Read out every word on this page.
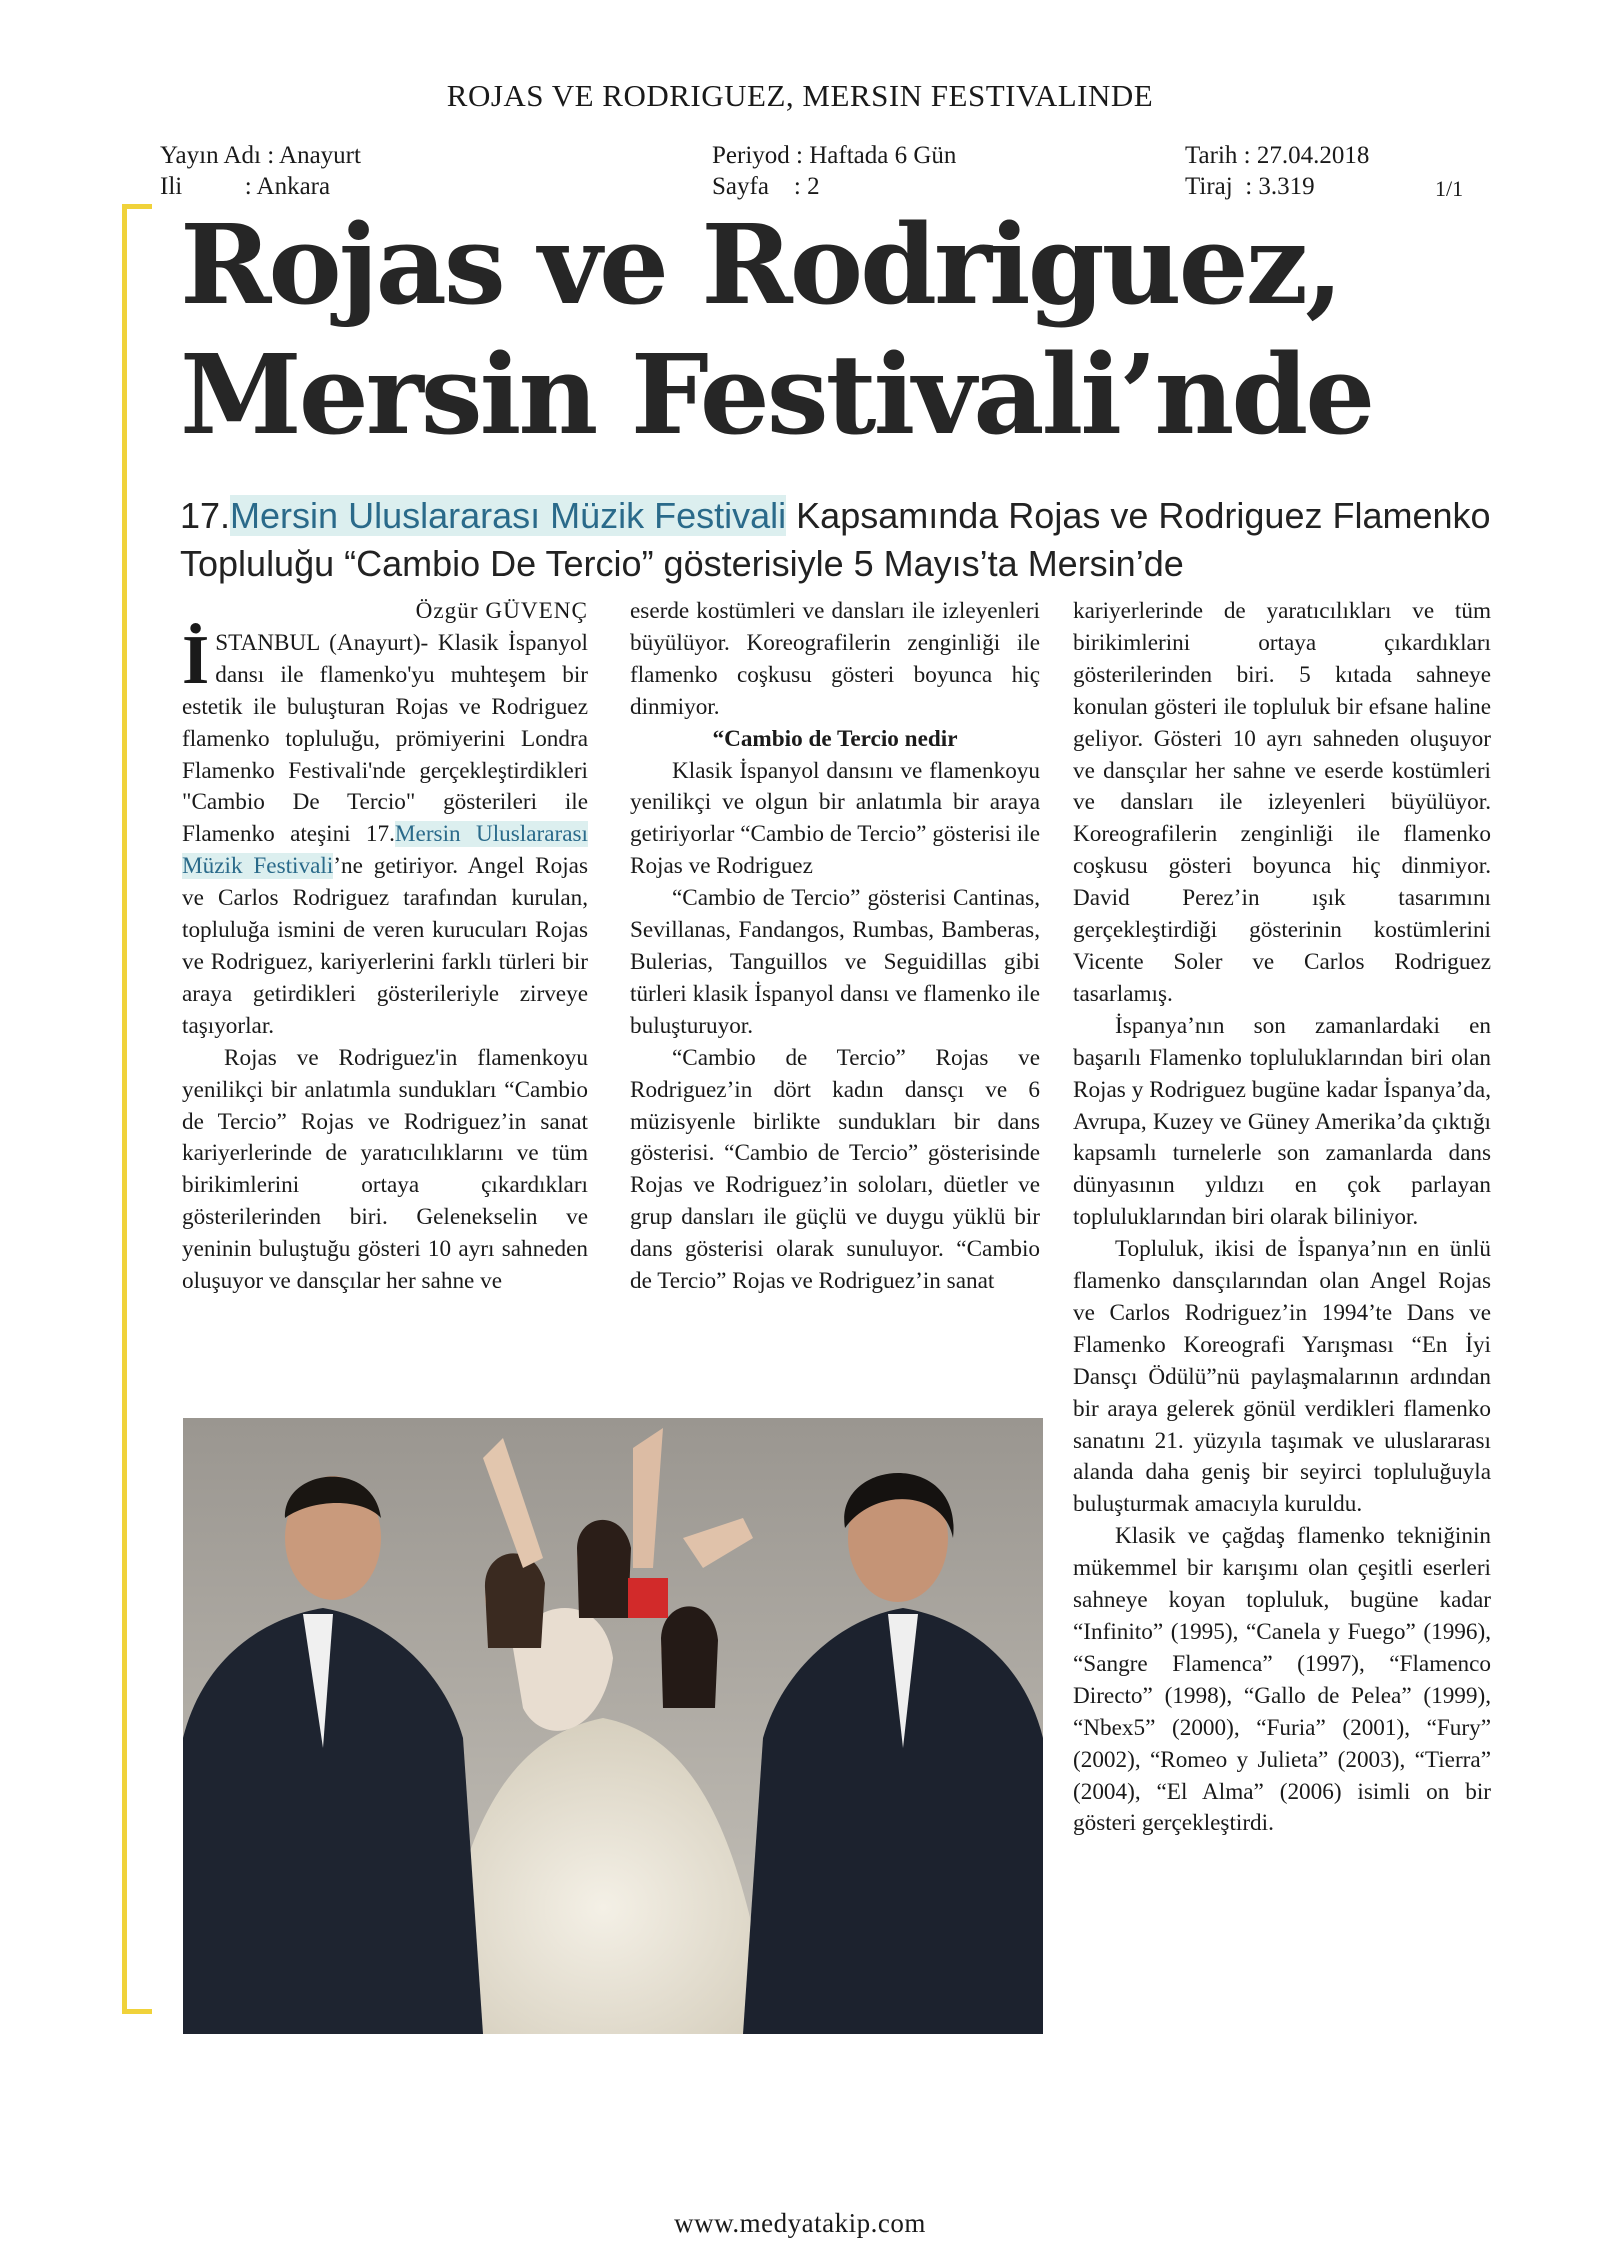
ROJAS VE RODRIGUEZ, MERSIN FESTIVALINDE
Yayın Adı : Anayurt
Ili          : Ankara
Periyod : Haftada 6 Gün
Sayfa    : 2
Tarih : 27.04.2018
Tiraj  : 3.319	1/1
Rojas ve Rodriguez,
Mersin Festivali’nde
17.Mersin Uluslararası Müzik Festivali Kapsamında Rojas ve Rodriguez Flamenko Topluluğu “Cambio De Tercio” gösterisiyle 5 Mayıs’ta Mersin’de

Özgür GÜVENÇ

İSTANBUL (Anayurt)- Klasik İspanyol dansı ile flamenko'yu muhteşem bir estetik ile buluşturan Rojas ve Rodriguez flamenko topluluğu, prömiyerini Londra Flamenko Festivali'nde gerçekleştirdikleri "Cambio De Tercio" gösterileri ile Flamenko ateşini 17.Mersin Uluslararası Müzik Festivali’ne getiriyor. Angel Rojas ve Carlos Rodriguez tarafından kurulan, topluluğa ismini de veren kurucuları Rojas ve Rodriguez, kariyerlerini farklı türleri bir araya getirdikleri gösterileriyle zirveye taşıyorlar.

Rojas ve Rodriguez'in flamenkoyu yenilikçi bir anlatımla sundukları “Cambio de Tercio” Rojas ve Rodriguez’in sanat kariyerlerinde de yaratıcılıklarını ve tüm birikimlerini ortaya çıkardıkları gösterilerinden biri. Gelenekselin ve yeninin buluştuğu gösteri 10 ayrı sahneden oluşuyor ve dansçılar her sahne ve

eserde kostümleri ve dansları ile izleyenleri büyülüyor. Koreografilerin zenginliği ile flamenko coşkusu gösteri boyunca hiç dinmiyor.

“Cambio de Tercio nedir

Klasik İspanyol dansını ve flamenkoyu yenilikçi ve olgun bir anlatımla bir araya getiriyorlar “Cambio de Tercio” gösterisi ile Rojas ve Rodriguez

“Cambio de Tercio” gösterisi Cantinas, Sevillanas, Fandangos, Rumbas, Bamberas, Bulerias, Tanguillos ve Seguidillas gibi türleri klasik İspanyol dansı ve flamenko ile buluşturuyor.

“Cambio de Tercio” Rojas ve Rodriguez’in dört kadın dansçı ve 6 müzisyenle birlikte sundukları bir dans gösterisi. “Cambio de Tercio” gösterisinde Rojas ve Rodriguez’in soloları, düetler ve grup dansları ile güçlü ve duygu yüklü bir dans gösterisi olarak sunuluyor. “Cambio de Tercio” Rojas ve Rodriguez’in sanat

kariyerlerinde de yaratıcılıkları ve tüm birikimlerini ortaya çıkardıkları gösterilerinden biri. 5 kıtada sahneye konulan gösteri ile topluluk bir efsane haline geliyor. Gösteri 10 ayrı sahneden oluşuyor ve dansçılar her sahne ve eserde kostümleri ve dansları ile izleyenleri büyülüyor. Koreografilerin zenginliği ile flamenko coşkusu gösteri boyunca hiç dinmiyor. David Perez’in ışık tasarımını gerçekleştirdiği gösterinin kostümlerini Vicente Soler ve Carlos Rodriguez tasarlamış.

İspanya’nın son zamanlardaki en başarılı Flamenko topluluklarından biri olan Rojas y Rodriguez bugüne kadar İspanya’da, Avrupa, Kuzey ve Güney Amerika’da çıktığı kapsamlı turnelerle son zamanlarda dans dünyasının yıldızı en çok parlayan topluluklarından biri olarak biliniyor.

Topluluk, ikisi de İspanya’nın en ünlü flamenko dansçılarından olan Angel Rojas ve Carlos Rodriguez’in 1994’te Dans ve Flamenko Koreografi Yarışması “En İyi Dansçı Ödülü”nü paylaşmalarının ardından bir araya gelerek gönül verdikleri flamenko sanatını 21. yüzyıla taşımak ve uluslararası alanda daha geniş bir seyirci topluluğuyla buluşturmak amacıyla kuruldu.

Klasik ve çağdaş flamenko tekniğinin mükemmel bir karışımı olan çeşitli eserleri sahneye koyan topluluk, bugüne kadar “Infinito” (1995), “Canela y Fuego” (1996), “Sangre Flamenca” (1997), “Flamenco Directo” (1998), “Gallo de Pelea” (1999), “Nbex5” (2000), “Furia” (2001), “Fury” (2002), “Romeo y Julieta” (2003), “Tierra” (2004), “El Alma” (2006) isimli on bir gösteri gerçekleştirdi.

www.medyatakip.com
